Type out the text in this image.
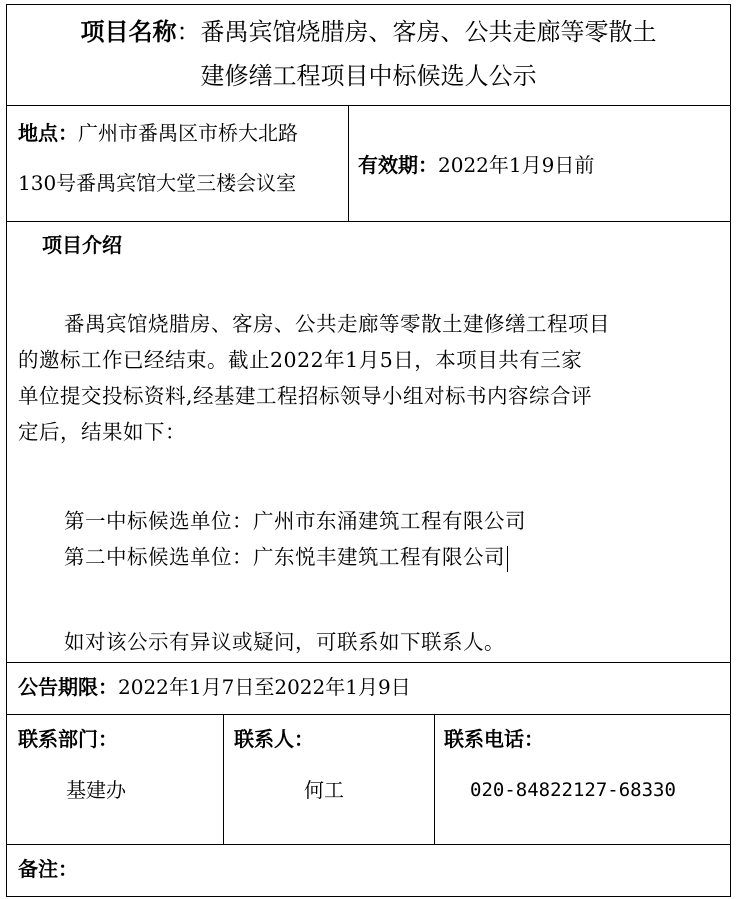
项目名称：番禺宾馆烧腊房、客房、公共走廊等零散土
建修缮工程项目中标候选人公示
地点：广州市番禺区市桥大北路
130号番禺宾馆大堂三楼会议室
有效期：2022年1月9日前
项目介绍
番禺宾馆烧腊房、客房、公共走廊等零散土建修缮工程项目
的邀标工作已经结束。截止2022年1月5日，本项目共有三家
单位提交投标资料,经基建工程招标领导小组对标书内容综合评
定后，结果如下：
第一中标候选单位：广州市东涌建筑工程有限公司
第二中标候选单位：广东悦丰建筑工程有限公司
如对该公示有异议或疑问，可联系如下联系人。
公告期限：2022年1月7日至2022年1月9日
联系部门：
基建办
联系人：
何工
联系电话：
020-84822127-68330
备注：
